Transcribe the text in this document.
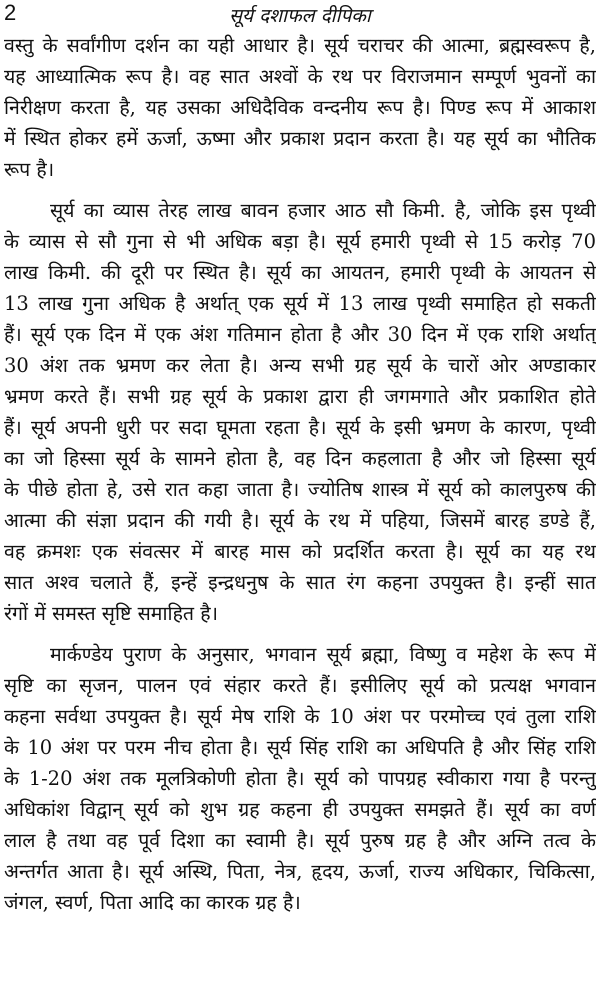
2	सूर्य दशाफल दीपिका
वस्तु के सर्वांगीण दर्शन का यही आधार है। सूर्य चराचर की आत्मा, ब्रह्मस्वरूप है,
यह आध्यात्मिक रूप है। वह सात अश्वों के रथ पर विराजमान सम्पूर्ण भुवनों का
निरीक्षण करता है, यह उसका अधिदैविक वन्दनीय रूप है। पिण्ड रूप में आकाश
में स्थित होकर हमें ऊर्जा, ऊष्मा और प्रकाश प्रदान करता है। यह सूर्य का भौतिक
रूप है।
सूर्य का व्यास तेरह लाख बावन हजार आठ सौ किमी. है, जोकि इस पृथ्वी
के व्यास से सौ गुना से भी अधिक बड़ा है। सूर्य हमारी पृथ्वी से 15 करोड़ 70
लाख किमी. की दूरी पर स्थित है। सूर्य का आयतन, हमारी पृथ्वी के आयतन से
13 लाख गुना अधिक है अर्थात् एक सूर्य में 13 लाख पृथ्वी समाहित हो सकती
हैं। सूर्य एक दिन में एक अंश गतिमान होता है और 30 दिन में एक राशि अर्थात्
30 अंश तक भ्रमण कर लेता है। अन्य सभी ग्रह सूर्य के चारों ओर अण्डाकार
भ्रमण करते हैं। सभी ग्रह सूर्य के प्रकाश द्वारा ही जगमगाते और प्रकाशित होते
हैं। सूर्य अपनी धुरी पर सदा घूमता रहता है। सूर्य के इसी भ्रमण के कारण, पृथ्वी
का जो हिस्सा सूर्य के सामने होता है, वह दिन कहलाता है और जो हिस्सा सूर्य
के पीछे होता हे, उसे रात कहा जाता है। ज्योतिष शास्त्र में सूर्य को कालपुरुष की
आत्मा की संज्ञा प्रदान की गयी है। सूर्य के रथ में पहिया, जिसमें बारह डण्डे हैं,
वह क्रमशः एक संवत्सर में बारह मास को प्रदर्शित करता है। सूर्य का यह रथ
सात अश्व चलाते हैं, इन्हें इन्द्रधनुष के सात रंग कहना उपयुक्त है। इन्हीं सात
रंगों में समस्त सृष्टि समाहित है।
मार्कण्डेय पुराण के अनुसार, भगवान सूर्य ब्रह्मा, विष्णु व महेश के रूप में
सृष्टि का सृजन, पालन एवं संहार करते हैं। इसीलिए सूर्य को प्रत्यक्ष भगवान
कहना सर्वथा उपयुक्त है। सूर्य मेष राशि के 10 अंश पर परमोच्च एवं तुला राशि
के 10 अंश पर परम नीच होता है। सूर्य सिंह राशि का अधिपति है और सिंह राशि
के 1-20 अंश तक मूलत्रिकोणी होता है। सूर्य को पापग्रह स्वीकारा गया है परन्तु
अधिकांश विद्वान् सूर्य को शुभ ग्रह कहना ही उपयुक्त समझते हैं। सूर्य का वर्ण
लाल है तथा वह पूर्व दिशा का स्वामी है। सूर्य पुरुष ग्रह है और अग्नि तत्व के
अन्तर्गत आता है। सूर्य अस्थि, पिता, नेत्र, हृदय, ऊर्जा, राज्य अधिकार, चिकित्सा,
जंगल, स्वर्ण, पिता आदि का कारक ग्रह है।
